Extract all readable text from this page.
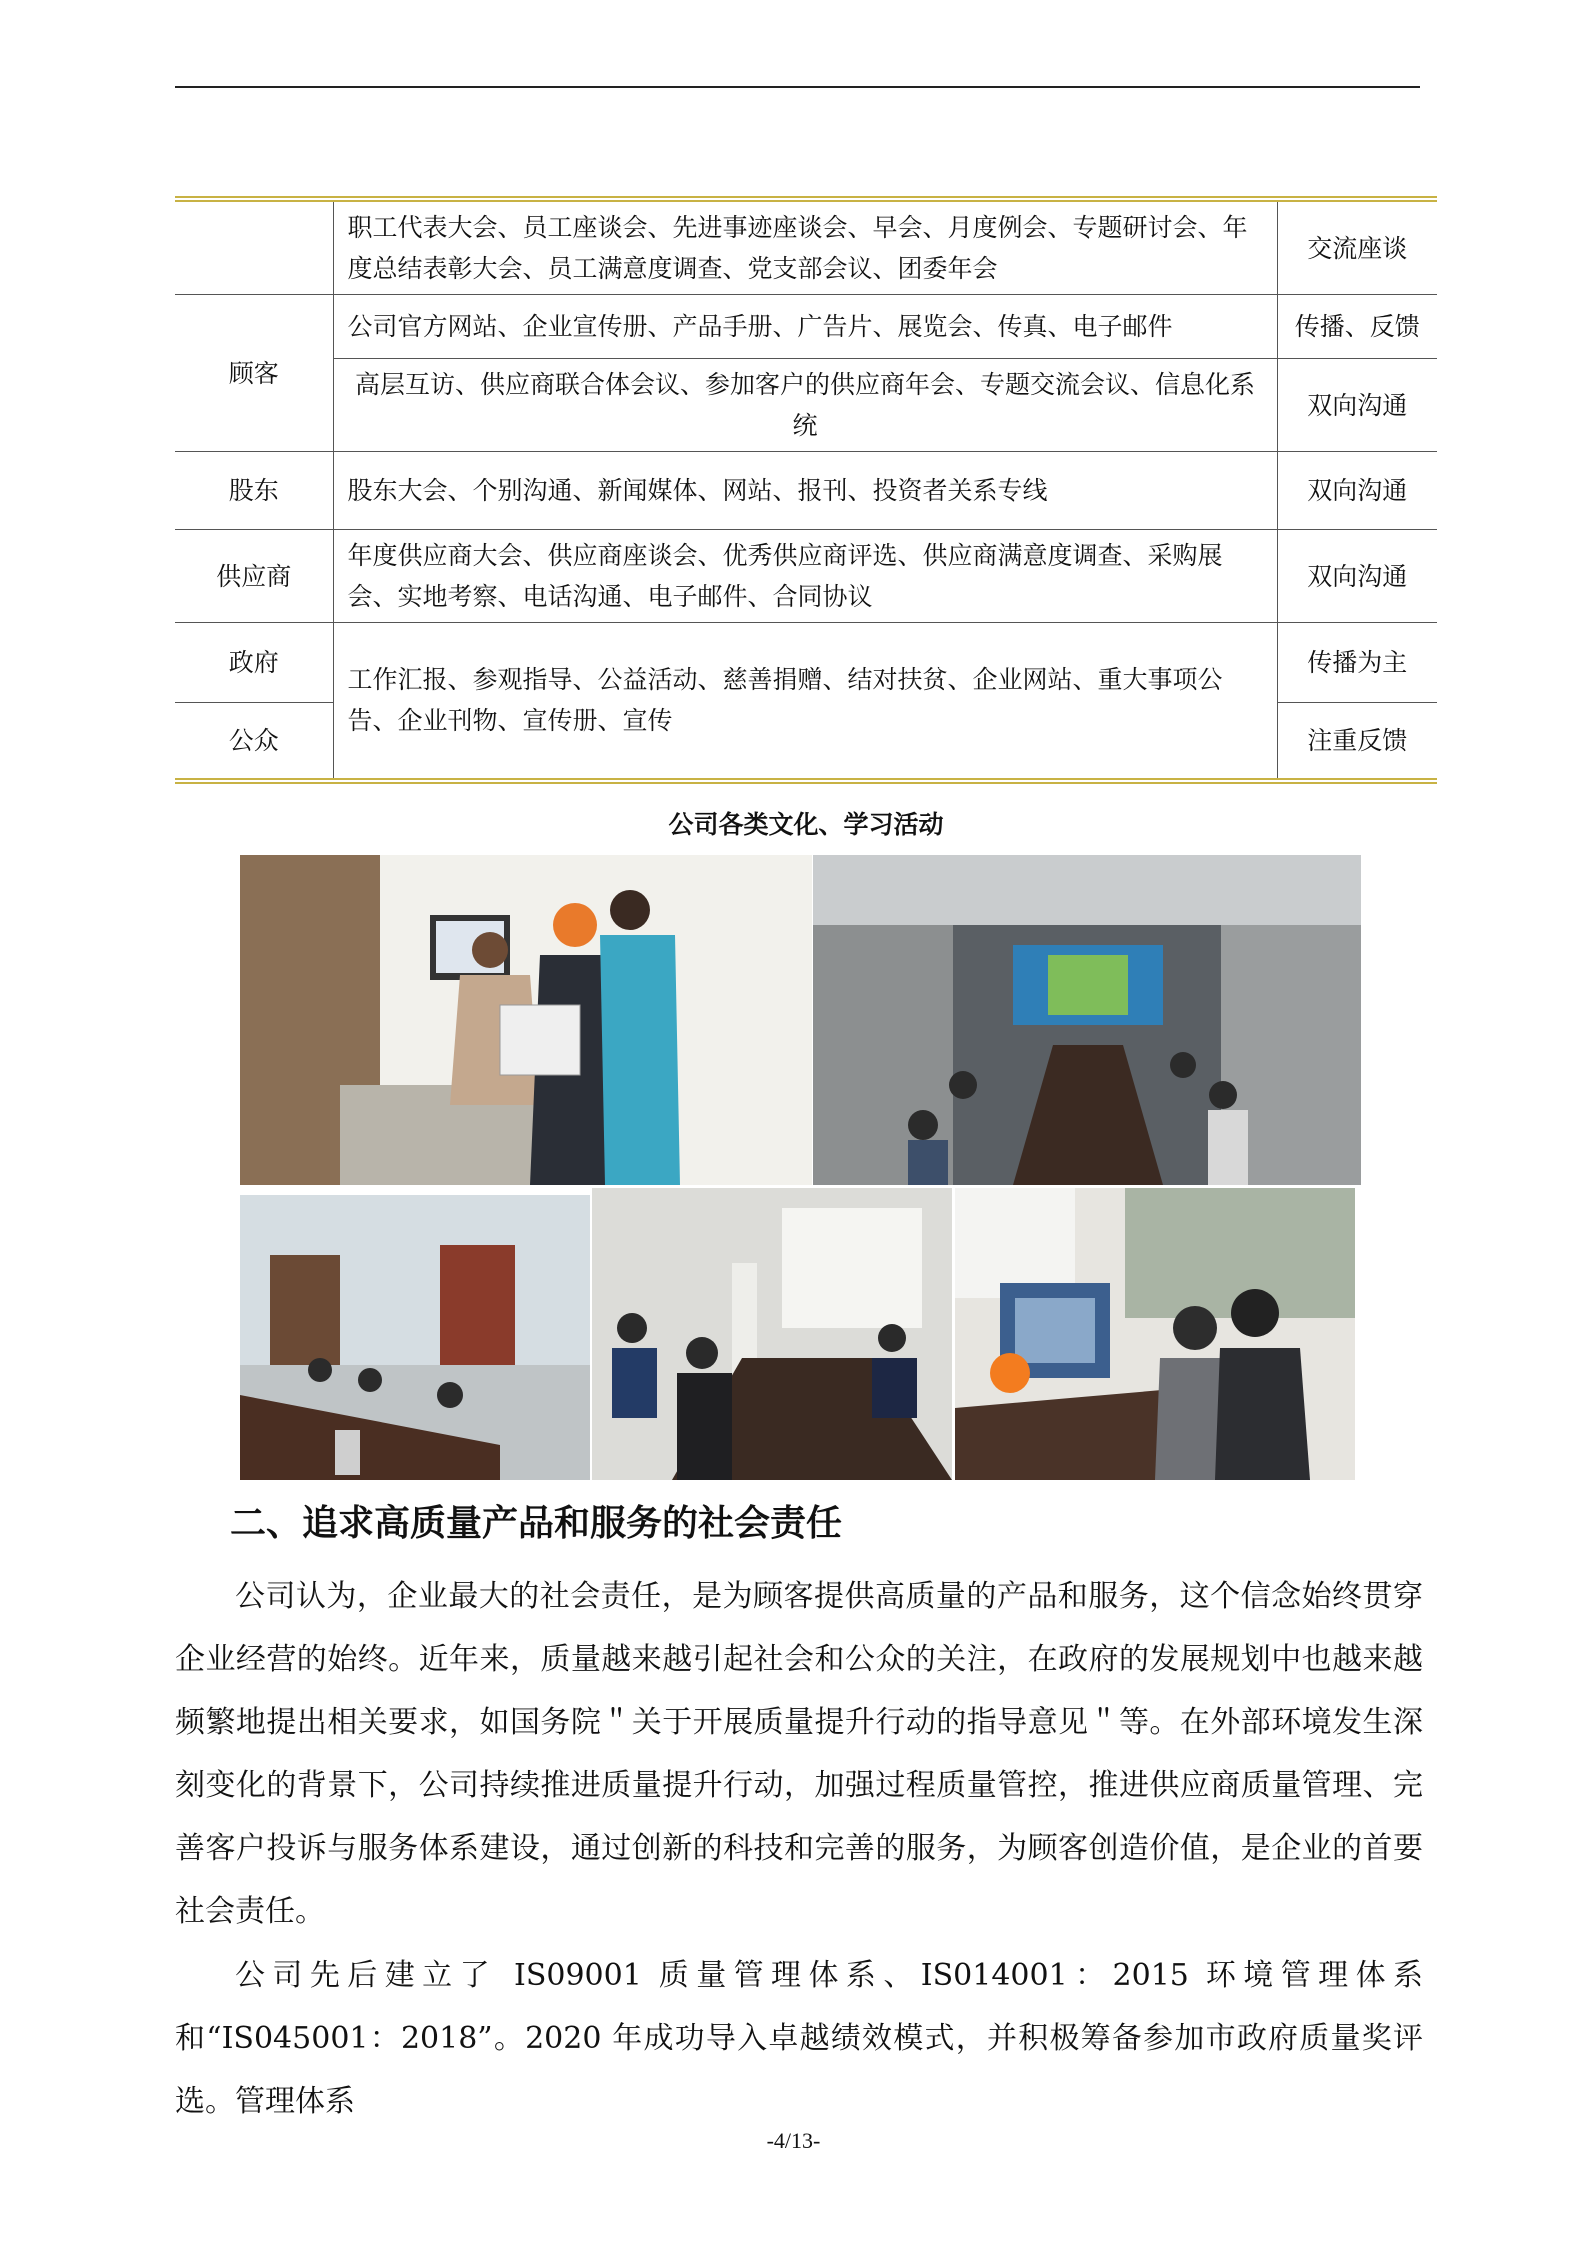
	职工代表大会、员工座谈会、先进事迹座谈会、早会、月度例会、专题研讨会、年度总结表彰大会、员工满意度调查、党支部会议、团委年会	交流座谈
顾客	公司官方网站、企业宣传册、产品手册、广告片、展览会、传真、电子邮件	传播、反馈
	高层互访、供应商联合体会议、参加客户的供应商年会、专题交流会议、信息化系统	双向沟通
股东	股东大会、个别沟通、新闻媒体、网站、报刊、投资者关系专线	双向沟通
供应商	年度供应商大会、供应商座谈会、优秀供应商评选、供应商满意度调查、采购展会、实地考察、电话沟通、电子邮件、合同协议	双向沟通
政府	工作汇报、参观指导、公益活动、慈善捐赠、结对扶贫、企业网站、重大事项公告、企业刊物、宣传册、宣传	传播为主
公众		注重反馈
公司各类文化、学习活动
二、追求高质量产品和服务的社会责任

公司认为，企业最大的社会责任，是为顾客提供高质量的产品和服务，这个信念始终贯穿企业经营的始终。近年来，质量越来越引起社会和公众的关注，在政府的发展规划中也越来越频繁地提出相关要求，如国务院＂关于开展质量提升行动的指导意见＂等。在外部环境发生深刻变化的背景下，公司持续推进质量提升行动，加强过程质量管控，推进供应商质量管理、完善客户投诉与服务体系建设，通过创新的科技和完善的服务，为顾客创造价值，是企业的首要社会责任。

公司先后建立了 IS09001 质量管理体系、IS014001：2015 环境管理体系和“IS045001：2018”。2020 年成功导入卓越绩效模式，并积极筹备参加市政府质量奖评选。管理体系

-4/13-
